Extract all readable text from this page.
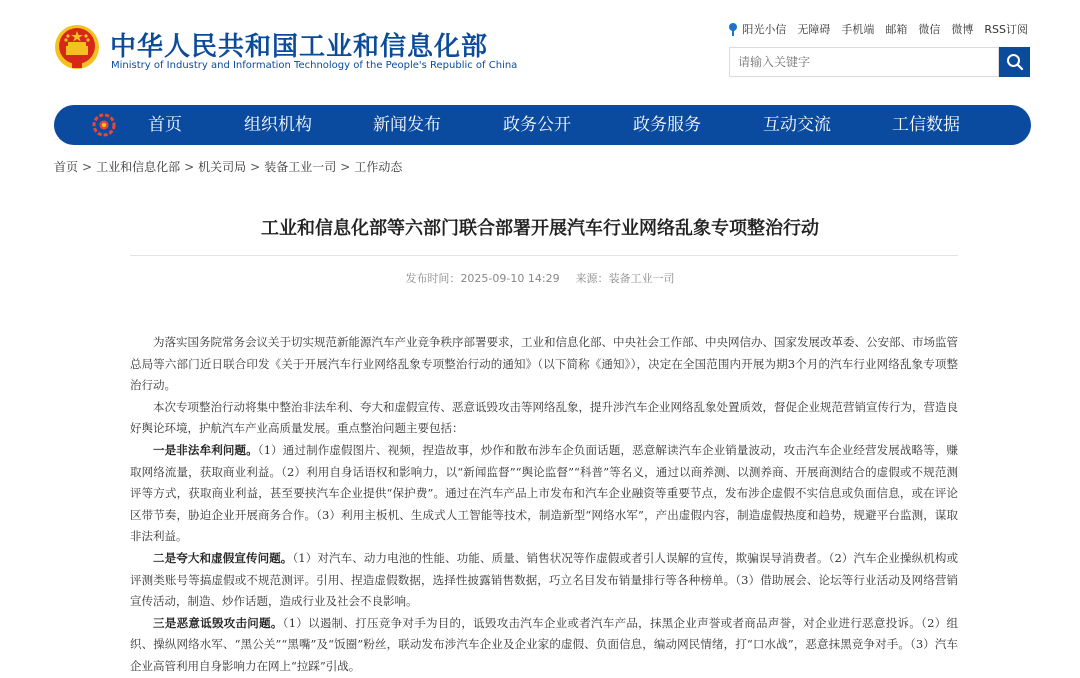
中华人民共和国工业和信息化部
Ministry of Industry and Information Technology of the People's Republic of China
阳光小信 无障碍 手机端 邮箱 微信 微博 RSS订阅
请输入关键字
首页	组织机构	新闻发布	政务公开	政务服务	互动交流	工信数据
首页 > 工业和信息化部 > 机关司局 > 装备工业一司 > 工作动态
工业和信息化部等六部门联合部署开展汽车行业网络乱象专项整治行动
发布时间：2025-09-10 14:29 来源：装备工业一司

为落实国务院常务会议关于切实规范新能源汽车产业竞争秩序部署要求，工业和信息化部、中央社会工作部、中央网信办、国家发展改革委、公安部、市场监管总局等六部门近日联合印发《关于开展汽车行业网络乱象专项整治行动的通知》（以下简称《通知》），决定在全国范围内开展为期3个月的汽车行业网络乱象专项整治行动。

本次专项整治行动将集中整治非法牟利、夸大和虚假宣传、恶意诋毁攻击等网络乱象，提升涉汽车企业网络乱象处置质效，督促企业规范营销宣传行为，营造良好舆论环境，护航汽车产业高质量发展。重点整治问题主要包括：

一是非法牟利问题。（1）通过制作虚假图片、视频，捏造故事，炒作和散布涉车企负面话题，恶意解读汽车企业销量波动，攻击汽车企业经营发展战略等，赚取网络流量，获取商业利益。（2）利用自身话语权和影响力，以“新闻监督”“舆论监督”“科普”等名义，通过以商养测、以测养商、开展商测结合的虚假或不规范测评等方式，获取商业利益，甚至要挟汽车企业提供“保护费”。通过在汽车产品上市发布和汽车企业融资等重要节点，发布涉企虚假不实信息或负面信息，或在评论区带节奏，胁迫企业开展商务合作。（3）利用主板机、生成式人工智能等技术，制造新型“网络水军”，产出虚假内容，制造虚假热度和趋势，规避平台监测，谋取非法利益。

二是夸大和虚假宣传问题。（1）对汽车、动力电池的性能、功能、质量、销售状况等作虚假或者引人误解的宣传，欺骗误导消费者。（2）汽车企业操纵机构或评测类账号等搞虚假或不规范测评。引用、捏造虚假数据，选择性披露销售数据，巧立名目发布销量排行等各种榜单。（3）借助展会、论坛等行业活动及网络营销宣传活动，制造、炒作话题，造成行业及社会不良影响。

三是恶意诋毁攻击问题。（1）以遏制、打压竞争对手为目的，诋毁攻击汽车企业或者汽车产品，抹黑企业声誉或者商品声誉，对企业进行恶意投诉。（2）组织、操纵网络水军、“黑公关”“黑嘴”及“饭圈”粉丝，联动发布涉汽车企业及企业家的虚假、负面信息，编动网民情绪，打“口水战”，恶意抹黑竞争对手。（3）汽车企业高管利用自身影响力在网上“拉踩”引战。
